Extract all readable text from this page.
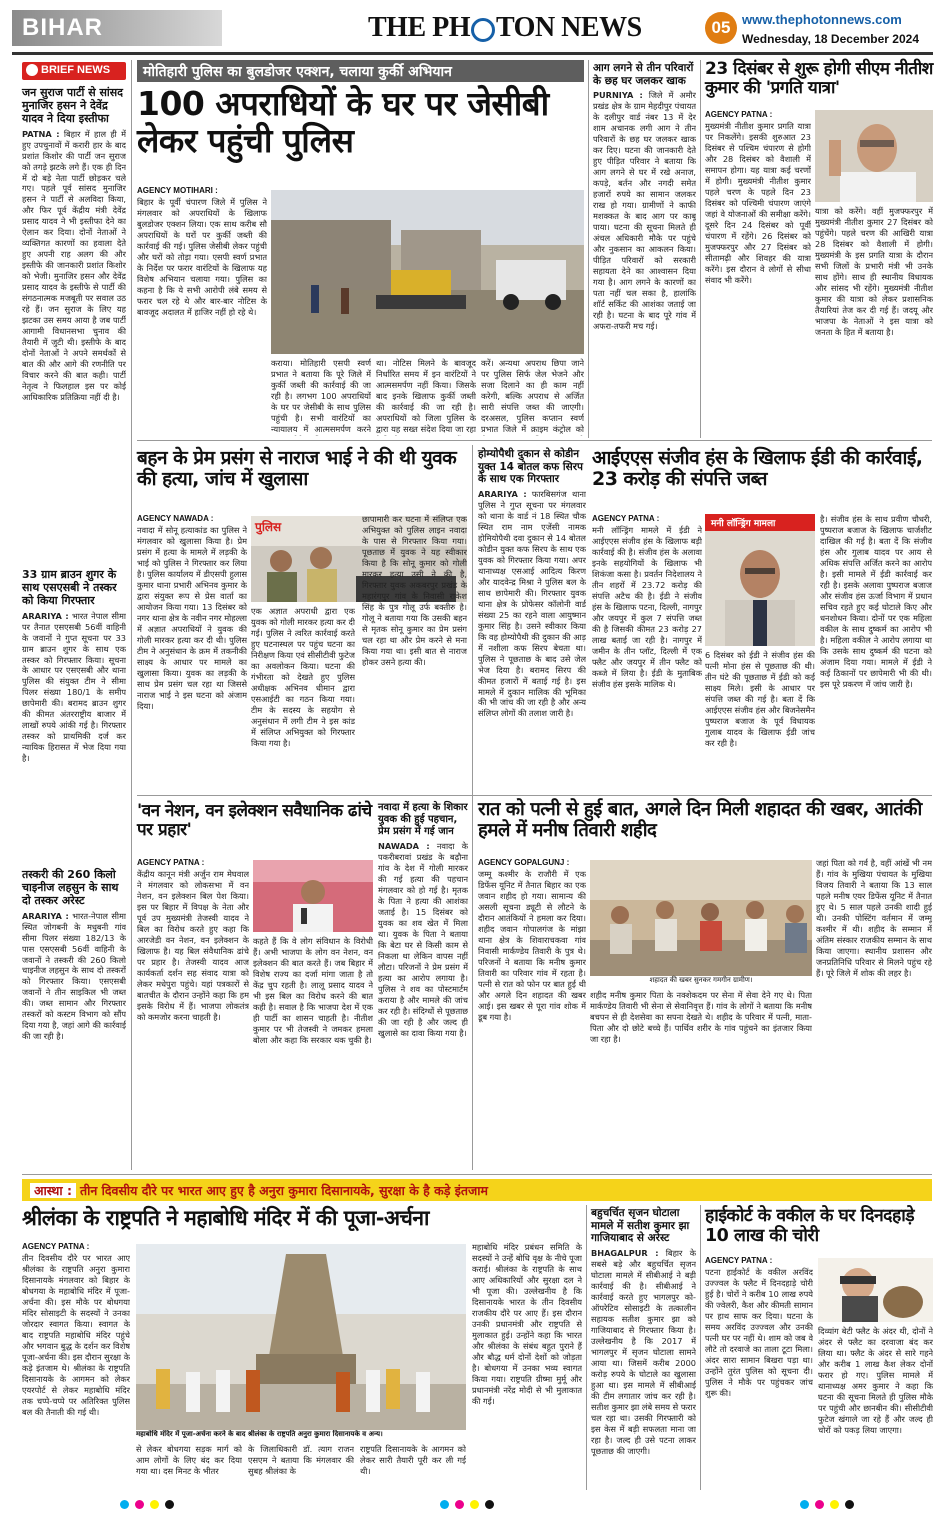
BIHAR	THE PH TON NEWS	05 www.thephotonnews.com
Wednesday, 18 December 2024
BRIEF NEWS
जन सुराज पार्टी से सांसद मुनाजिर हसन ने देवेंद्र यादव ने दिया इस्तीफा
PATNA : बिहार में हाल ही में हुए उपचुनावों में करारी हार के बाद प्रशांत किशोर की पार्टी जन सुराज को तगड़े झटके लगे हैं। एक ही दिन में दो बड़े नेता पार्टी छोड़कर चले गए। पहले पूर्व सांसद मुनाजिर हसन ने पार्टी से अलविदा किया, और फिर पूर्व केंद्रीय मंत्री देवेंद्र प्रसाद यादव ने भी इस्तीफा देने का ऐलान कर दिया। दोनों नेताओं ने व्यक्तिगत कारणों का हवाला देते हुए अपनी राह अलग की और इस्तीफे की जानकारी प्रशांत किशोर को भेजी। मुनाजिर हसन और देवेंद्र प्रसाद यादव के इस्तीफे से पार्टी की संगठनात्मक मजबूती पर सवाल उठ रहे हैं। जन सुराज के लिए यह झटका उस समय आया है जब पार्टी आगामी विधानसभा चुनाव की तैयारी में जुटी थी। इस्तीफे के बाद दोनों नेताओं ने अपने समर्थकों से बात की और आगे की रणनीति पर विचार करने की बात कही। पार्टी नेतृत्व ने फिलहाल इस पर कोई आधिकारिक प्रतिक्रिया नहीं दी है।
33 ग्राम ब्राउन शुगर के साथ एसएसबी ने तस्कर को किया गिरफ्तार
ARARIYA : भारत नेपाल सीमा पर तैनात एसएसबी 56वीं वाहिनी के जवानों ने गुप्त सूचना पर 33 ग्राम ब्राउन शुगर के साथ एक तस्कर को गिरफ्तार किया। सूचना के आधार पर एसएसबी और थाना पुलिस की संयुक्त टीम ने सीमा पिलर संख्या 180/1 के समीप छापेमारी की। बरामद ब्राउन शुगर की कीमत अंतरराष्ट्रीय बाजार में लाखों रुपये आंकी गई है। गिरफ्तार तस्कर को प्राथमिकी दर्ज कर न्यायिक हिरासत में भेज दिया गया है।
तस्करी की 260 किलो चाइनीज लहसुन के साथ दो तस्कर अरेस्ट
ARARIYA : भारत-नेपाल सीमा स्थित जोगबनी के मधुबनी गांव सीमा पिलर संख्या 182/13 के पास एसएसबी 56वीं वाहिनी के जवानों ने तस्करी की 260 किलो चाइनीज लहसुन के साथ दो तस्करों को गिरफ्तार किया। एसएसबी जवानों ने तीन साइकिल भी जब्त की। जब्त सामान और गिरफ्तार तस्करों को कस्टम विभाग को सौंप दिया गया है, जहां आगे की कार्रवाई की जा रही है।
मोतिहारी पुलिस का बुलडोजर एक्शन, चलाया कुर्की अभियान
100 अपराधियों के घर पर जेसीबी लेकर पहुंची पुलिस
AGENCY MOTIHARI :
बिहार के पूर्वी चंपारण जिले में पुलिस ने मंगलवार को अपराधियों के खिलाफ बुलडोजर एक्शन लिया। एक साथ करीब सौ अपराधियों के घरों पर कुर्की जब्ती की कार्रवाई की गई। पुलिस जेसीबी लेकर पहुंची और घरों को तोड़ा गया। एसपी स्वर्ण प्रभात के निर्देश पर फरार वारंटियों के खिलाफ यह विशेष अभियान चलाया गया। पुलिस का कहना है कि ये सभी आरोपी लंबे समय से फरार चल रहे थे और बार-बार नोटिस के बावजूद अदालत में हाजिर नहीं हो रहे थे।
कराया। मोतिहारी एसपी स्वर्ण प्रभात ने बताया कि पूरे जिले में कुर्की जब्ती की कार्रवाई की जा रही है। लगभग 100 अपराधियों के घर पर जेसीबी के साथ पुलिस पहुंची है। सभी वारंटियों का न्यायालय में आत्मसमर्पण करने
था। नोटिस मिलने के बावजूद निर्धारित समय में इन वारंटियों ने आत्मसमर्पण नहीं किया। जिसके बाद इनके खिलाफ कुर्की जब्ती की कार्रवाई की जा रही है। अपराधियों को जिला पुलिस के द्वारा यह सख्त संदेश दिया जा रहा
करें। अन्यथा अपराध छिपा जाने पर पुलिस सिर्फ जेल भेजने और सजा दिलाने का ही काम नहीं करेगी, बल्कि अपराध से अर्जित सारी संपत्ति जब्त की जाएगी। दरअसल, पुलिस कप्तान स्वर्ण प्रभात जिले में क्राइम कंट्रोल को
आग लगने से तीन परिवारों के छह घर जलकर खाक
PURNIYA : जिले में अमौर प्रखंड क्षेत्र के ग्राम मेहदीपुर पंचायत के दलीपुर वार्ड नंबर 13 में देर शाम अचानक लगी आग ने तीन परिवारों के छह घर जलकर खाक कर दिए। घटना की जानकारी देते हुए पीड़ित परिवार ने बताया कि आग लगने से घर में रखे अनाज, कपड़े, बर्तन और नगदी समेत हजारों रुपये का सामान जलकर राख हो गया। ग्रामीणों ने काफी मशक्कत के बाद आग पर काबू पाया। घटना की सूचना मिलते ही अंचल अधिकारी मौके पर पहुंचे और नुकसान का आकलन किया। पीड़ित परिवारों को सरकारी सहायता देने का आश्वासन दिया गया है। आग लगने के कारणों का पता नहीं चल सका है, हालांकि शॉर्ट सर्किट की आशंका जताई जा रही है। घटना के बाद पूरे गांव में अफरा-तफरी मच गई।
23 दिसंबर से शुरू होगी सीएम नीतीश कुमार की 'प्रगति यात्रा'
AGENCY PATNA :
मुख्यमंत्री नीतीश कुमार प्रगति यात्रा पर निकलेंगे। इसकी शुरुआत 23 दिसंबर से पश्चिम चंपारण से होगी और 28 दिसंबर को वैशाली में समापन होगा। यह यात्रा कई चरणों में होगी। मुख्यमंत्री नीतीश कुमार पहले चरण के पहले दिन 23 दिसंबर को पश्चिमी चंपारण जाएंगे जहां वे योजनाओं की समीक्षा करेंगे। दूसरे दिन 24 दिसंबर को पूर्वी चंपारण में रहेंगे। 26 दिसंबर को मुजफ्फरपुर और 27 दिसंबर को सीतामढ़ी और शिवहर की यात्रा करेंगे। इस दौरान वे लोगों से सीधा संवाद भी करेंगे।
यात्रा को करेंगे। वहीं मुजफ्फरपुर में मुख्यमंत्री नीतीश कुमार 27 दिसंबर को पहुंचेंगे। पहले चरण की आखिरी यात्रा 28 दिसंबर को वैशाली में होगी। मुख्यमंत्री के इस प्रगति यात्रा के दौरान सभी जिलों के प्रभारी मंत्री भी उनके साथ होंगे। साथ ही स्थानीय विधायक और सांसद भी रहेंगे। मुख्यमंत्री नीतीश कुमार की यात्रा को लेकर प्रशासनिक तैयारियां तेज कर दी गई हैं। जदयू और भाजपा के नेताओं ने इस यात्रा को जनता के हित में बताया है।
बहन के प्रेम प्रसंग से नाराज भाई ने की थी युवक की हत्या, जांच में खुलासा
AGENCY NAWADA :
नवादा में सोनू हत्याकांड का पुलिस ने मंगलवार को खुलासा किया है। प्रेम प्रसंग में हत्या के मामले में लड़की के भाई को पुलिस ने गिरफ्तार कर लिया है। पुलिस कार्यालय में डीएसपी हुलास कुमार थाना प्रभारी अभिनव कुमार के द्वारा संयुक्त रूप से प्रेस वार्ता का आयोजन किया गया। 13 दिसंबर को नगर थाना क्षेत्र के नवीन नगर मोहल्ला में अज्ञात अपराधियों ने युवक की गोली मारकर हत्या कर दी थी। पुलिस टीम ने अनुसंधान के क्रम में तकनीकी साक्ष्य के आधार पर मामले का खुलासा किया। युवक का लड़की के साथ प्रेम प्रसंग चल रहा था जिससे नाराज भाई ने इस घटना को अंजाम दिया।
पुलिस
एक अज्ञात अपराधी द्वारा एक युवक को गोली मारकर हत्या कर दी गई। पुलिस ने त्वरित कार्रवाई करते हुए घटनास्थल पर पहुंच घटना का निरीक्षण किया एवं सीसीटीवी फुटेज का अवलोकन किया। घटना की गंभीरता को देखते हुए पुलिस अधीक्षक अभिनव धीमान द्वारा एसआईटी का गठन किया गया। टीम के सदस्य के सहयोग से अनुसंधान में लगी टीम ने इस कांड में संलिप्त अभियुक्त को गिरफ्तार किया गया है।
छापामारी कर घटना में संलिप्त एक अभियुक्त को पुलिस लाइन नवादा के पास से गिरफ्तार किया गया। पूछताछ में युवक ने यह स्वीकार किया है कि सोनू कुमार को गोली मारकर हत्या उसी ने की है, गिरफ्तार युवक अकबरपुर प्रखंड के महारंगपुर गांव के निवासी राकेश सिंह के पुत्र गोलू उर्फ बक्तीरु है। गोलू ने बताया गया कि उसकी बहन से मृतक सोनू कुमार का प्रेम प्रसंग चल रहा था और प्रेम करने से मना किया गया था। इसी बात से नाराज होकर उसने हत्या की।
होम्योपैथी दुकान से कोडीन युक्त 14 बोतल कफ सिरप के साथ एक गिरफ्तार
ARARIYA : फारबिसगंज थाना पुलिस ने गुप्त सूचना पर मंगलवार को थाना के वार्ड नं 18 स्थित चौक स्थित राम नाम एजेंसी नामक होमियोपैथी दवा दुकान से 14 बोतल कोडीन युक्त कफ सिरप के साथ एक युवक को गिरफ्तार किया गया। अपर थानाध्यक्ष एसआई आदित्य किरण और यादवेन्द्र मिश्रा ने पुलिस बल के साथ छापेमारी की। गिरफ्तार युवक थाना क्षेत्र के प्रोफेसर कॉलोनी वार्ड संख्या 25 का रहने वाला आयुष्मान कुमार सिंह है। उसने स्वीकार किया कि वह होम्योपैथी की दुकान की आड़ में नशीला कफ सिरप बेचता था। पुलिस ने पूछताछ के बाद उसे जेल भेज दिया है। बरामद सिरप की कीमत हजारों में बताई गई है। इस मामले में दुकान मालिक की भूमिका की भी जांच की जा रही है और अन्य संलिप्त लोगों की तलाश जारी है।
आईएएस संजीव हंस के खिलाफ ईडी की कार्रवाई, 23 करोड़ की संपत्ति जब्त
AGENCY PATNA :
मनी लॉन्ड्रिंग मामले में ईडी ने आईएएस संजीव हंस के खिलाफ बड़ी कार्रवाई की है। संजीव हंस के अलावा इनके सहयोगियों के खिलाफ भी शिकंजा कसा है। प्रवर्तन निदेशालय ने तीन शहरों में 23.72 करोड़ की संपत्ति अटैच की है। ईडी ने संजीव हंस के खिलाफ पटना, दिल्ली, नागपुर और जयपुर में कुल 7 संपत्ति जब्त की है जिसकी कीमत 23 करोड़ 27 लाख बताई जा रही है। नागपुर में जमीन के तीन प्लॉट, दिल्ली में एक फ्लैट और जयपुर में तीन फ्लैट को कब्जे में लिया है। ईडी के मुताबिक संजीव हंस इसके मालिक थे।
मनी लॉन्ड्रिंग मामला
6 दिसंबर को ईडी ने संजीव हंस की पत्नी मोना हंस से पूछताछ की थी। तीन घंटे की पूछताछ में ईडी को कई साक्ष्य मिले। इसी के आधार पर संपत्ति जब्त की गई है। बता दें कि आईएएस संजीव हंस और बिजनेसमैन पुष्पराज बजाज के पूर्व विधायक गुलाब यादव के खिलाफ ईडी जांच कर रही है।
है। संजीव हंस के साथ प्रवीण चौधरी, पुष्पराज बजाज के खिलाफ चार्जशीट दाखिल की गई है। बता दें कि संजीव हंस और गुलाब यादव पर आय से अधिक संपत्ति अर्जित करने का आरोप है। इसी मामले में ईडी कार्रवाई कर रही है। इसके अलावा पुष्पराज बजाज और संजीव हंस ऊर्जा विभाग में प्रधान सचिव रहते हुए कई घोटाले किए और धनशोधन किया। दोनों पर एक महिला वकील के साथ दुष्कर्म का आरोप भी है। महिला वकील ने आरोप लगाया था कि उसके साथ दुष्कर्म की घटना को अंजाम दिया गया। मामले में ईडी ने कई ठिकानों पर छापेमारी भी की थी। इस पूरे प्रकरण में जांच जारी है।
'वन नेशन, वन इलेक्शन सवैधानिक ढांचे पर प्रहार'
AGENCY PATNA :
केंद्रीय कानून मंत्री अर्जुन राम मेघवाल ने मंगलवार को लोकसभा में वन नेशन, वन इलेक्शन बिल पेश किया। इस पर बिहार में विपक्ष के नेता और पूर्व उप मुख्यमंत्री तेजस्वी यादव ने बिल का विरोध करते हुए कहा कि आरजेडी वन नेशन, वन इलेक्शन के खिलाफ है। यह बिल संवैधानिक ढांचे पर प्रहार है। तेजस्वी यादव आज कार्यकर्ता दर्शन सह संवाद यात्रा को लेकर मधेपुरा पहुंचे। यहां पत्रकारों से बातचीत के दौरान उन्होंने कहा कि हम इसके विरोध में हैं। भाजपा लोकतंत्र को कमजोर करना चाहती है।
कहते हैं कि वे लोग संविधान के विरोधी हैं। अभी भाजपा के लोग वन नेशन, वन इलेक्शन की बात करते हैं। जब बिहार में विशेष राज्य का दर्जा मांगा जाता है तो केंद्र चुप रहती है। लालू प्रसाद यादव ने भी इस बिल का विरोध करने की बात कही है। सवाल है कि भाजपा देश में एक ही पार्टी का शासन चाहती है। नीतीश कुमार पर भी तेजस्वी ने जमकर हमला बोला और कहा कि सरकार थक चुकी है।
नवादा में हत्या के शिकार युवक की हुई पहचान, प्रेम प्रसंग में गई जान
NAWADA : नवादा के पकरीबरावां प्रखंड के बढ़ौना गांव के देश में गोली मारकर की गई हत्या की पहचान मंगलवार को हो गई है। मृतक के पिता ने हत्या की आशंका जताई है। 15 दिसंबर को युवक का शव खेत में मिला था। युवक के पिता ने बताया कि बेटा घर से किसी काम से निकला था लेकिन वापस नहीं लौटा। परिजनों ने प्रेम प्रसंग में हत्या का आरोप लगाया है। पुलिस ने शव का पोस्टमार्टम कराया है और मामले की जांच कर रही है। संदिग्धों से पूछताछ की जा रही है और जल्द ही खुलासे का दावा किया गया है।
रात को पत्नी से हुई बात, अगले दिन मिली शहादत की खबर, आतंकी हमले में मनीष तिवारी शहीद
AGENCY GOPALGUNJ :
जम्मू कश्मीर के राजौरी में एक डिफेंस यूनिट में तैनात बिहार का एक जवान शहीद हो गया। सामान्य की असली सूचना ड्यूटी से लौटने के दौरान आतंकियों ने हमला कर दिया। शहीद जवान गोपालगंज के मांझा थाना क्षेत्र के शिवाराचकवा गांव निवासी मार्कण्डेय तिवारी के पुत्र थे। परिजनों ने बताया कि मनीष कुमार तिवारी का परिवार गांव में रहता है। पत्नी से रात को फोन पर बात हुई थी और अगले दिन शहादत की खबर आई। इस खबर से पूरा गांव शोक में डूब गया है।
शहादत की खबर सुनकर गमगीन ग्रामीण।
शहीद मनीष कुमार पिता के नक्शेकदम पर सेना में सेवा देने गए थे। पिता मार्कण्डेय तिवारी भी सेना से सेवानिवृत्त हैं। गांव के लोगों ने बताया कि मनीष बचपन से ही देशसेवा का सपना देखते थे। शहीद के परिवार में पत्नी, माता-पिता और दो छोटे बच्चे हैं। पार्थिव शरीर के गांव पहुंचने का इंतजार किया जा रहा है।
जहां पिता को गर्व है, वहीं आंखें भी नम हैं। गांव के मुखिया पंचायत के मुखिया विजय तिवारी ने बताया कि 13 साल पहले मनीष एयर डिफेंस यूनिट में तैनात हुए थे। 5 साल पहले उनकी शादी हुई थी। उनकी पोस्टिंग वर्तमान में जम्मू कश्मीर में थी। शहीद के सम्मान में अंतिम संस्कार राजकीय सम्मान के साथ किया जाएगा। स्थानीय प्रशासन और जनप्रतिनिधि परिवार से मिलने पहुंच रहे हैं। पूरे जिले में शोक की लहर है।
आस्था : तीन दिवसीय दौरे पर भारत आए हुए है अनुरा कुमारा दिसानायके, सुरक्षा के है कड़े इंतजाम
श्रीलंका के राष्ट्रपति ने महाबोधि मंदिर में की पूजा-अर्चना
AGENCY PATNA :
तीन दिवसीय दौरे पर भारत आए श्रीलंका के राष्ट्रपति अनुरा कुमारा दिसानायके मंगलवार को बिहार के बोधगया के महाबोधि मंदिर में पूजा-अर्चना की। इस मौके पर बोधगया मंदिर सोसाइटी के सदस्यों ने उनका जोरदार स्वागत किया। स्वागत के बाद राष्ट्रपति महाबोधि मंदिर पहुंचे और भगवान बुद्ध के दर्शन कर विशेष पूजा-अर्चना की। इस दौरान सुरक्षा के कड़े इंतजाम थे। श्रीलंका के राष्ट्रपति दिसानायके के आगमन को लेकर एयरपोर्ट से लेकर महाबोधि मंदिर तक चप्पे-चप्पे पर अतिरिक्त पुलिस बल की तैनाती की गई थी।
महाबोधि मंदिर में पूजा-अर्चना करने के बाद श्रीलंका के राष्ट्रपति अनुरा कुमारा दिसानायके व अन्य।
से लेकर बोधगया सड़क मार्ग को आम लोगों के लिए बंद कर दिया गया था। दस मिनट के भीतर
के जिलाधिकारी डॉ. त्याग राजन एसएम ने बताया कि मंगलवार की सुबह श्रीलंका के
राष्ट्रपति दिसानायके के आगमन को लेकर सारी तैयारी पूरी कर ली गई थी।
महाबोधि मंदिर प्रबंधन समिति के सदस्यों ने उन्हें बोधि वृक्ष के नीचे पूजा कराई। श्रीलंका के राष्ट्रपति के साथ आए अधिकारियों और सुरक्षा दल ने भी पूजा की। उल्लेखनीय है कि दिसानायके भारत के तीन दिवसीय राजकीय दौरे पर आए हैं। इस दौरान उनकी प्रधानमंत्री और राष्ट्रपति से मुलाकात हुई। उन्होंने कहा कि भारत और श्रीलंका के संबंध बहुत पुराने हैं और बौद्ध धर्म दोनों देशों को जोड़ता है। बोधगया में उनका भव्य स्वागत किया गया। राष्ट्रपति ग्रीष्मा मुर्मू और प्रधानमंत्री नरेंद्र मोदी से भी मुलाकात की गई।
बहुचर्चित सृजन घोटाला मामले में सतीश कुमार झा गाजियाबाद से अरेस्ट
BHAGALPUR : बिहार के सबसे बड़े और बहुचर्चित सृजन घोटाला मामले में सीबीआई ने बड़ी कार्रवाई की है। सीबीआई ने कार्रवाई करते हुए भागलपुर को-ऑपरेटिव सोसाइटी के तत्कालीन सहायक सतीश कुमार झा को गाजियाबाद से गिरफ्तार किया है। उल्लेखनीय है कि 2017 में भागलपुर में सृजन घोटाला सामने आया था। जिसमें करीब 2000 करोड़ रुपये के घोटाले का खुलासा हुआ था। इस मामले में सीबीआई की टीम लगातार जांच कर रही है। सतीश कुमार झा लंबे समय से फरार चल रहा था। उसकी गिरफ्तारी को इस केस में बड़ी सफलता माना जा रहा है। जल्द ही उसे पटना लाकर पूछताछ की जाएगी।
हाईकोर्ट के वकील के घर दिनदहाड़े 10 लाख की चोरी
AGENCY PATNA :
पटना हाईकोर्ट के वकील अरविंद उज्ज्वल के फ्लैट में दिनदहाड़े चोरी हुई है। चोरों ने करीब 10 लाख रुपये की ज्वेलरी, कैश और कीमती सामान पर हाथ साफ कर दिया। घटना के समय अरविंद उज्ज्वल और उनकी पत्नी घर पर नहीं थे। शाम को जब वे लौटे तो दरवाजे का ताला टूटा मिला। अंदर सारा सामान बिखरा पड़ा था। उन्होंने तुरंत पुलिस को सूचना दी। पुलिस ने मौके पर पहुंचकर जांच शुरू की।
दिव्यांग बेटी फ्लैट के अंदर थी, दोनों ने अंदर से फ्लैट का दरवाजा बंद कर लिया था। फ्लैट के अंदर से सारे गहने और करीब 1 लाख कैश लेकर दोनों फरार हो गए। पुलिस मामले में थानाध्यक्ष अमर कुमार ने कहा कि घटना की सूचना मिलते ही पुलिस मौके पर पहुंची और छानबीन की। सीसीटीवी फुटेज खंगाले जा रहे हैं और जल्द ही चोरों को पकड़ लिया जाएगा।
